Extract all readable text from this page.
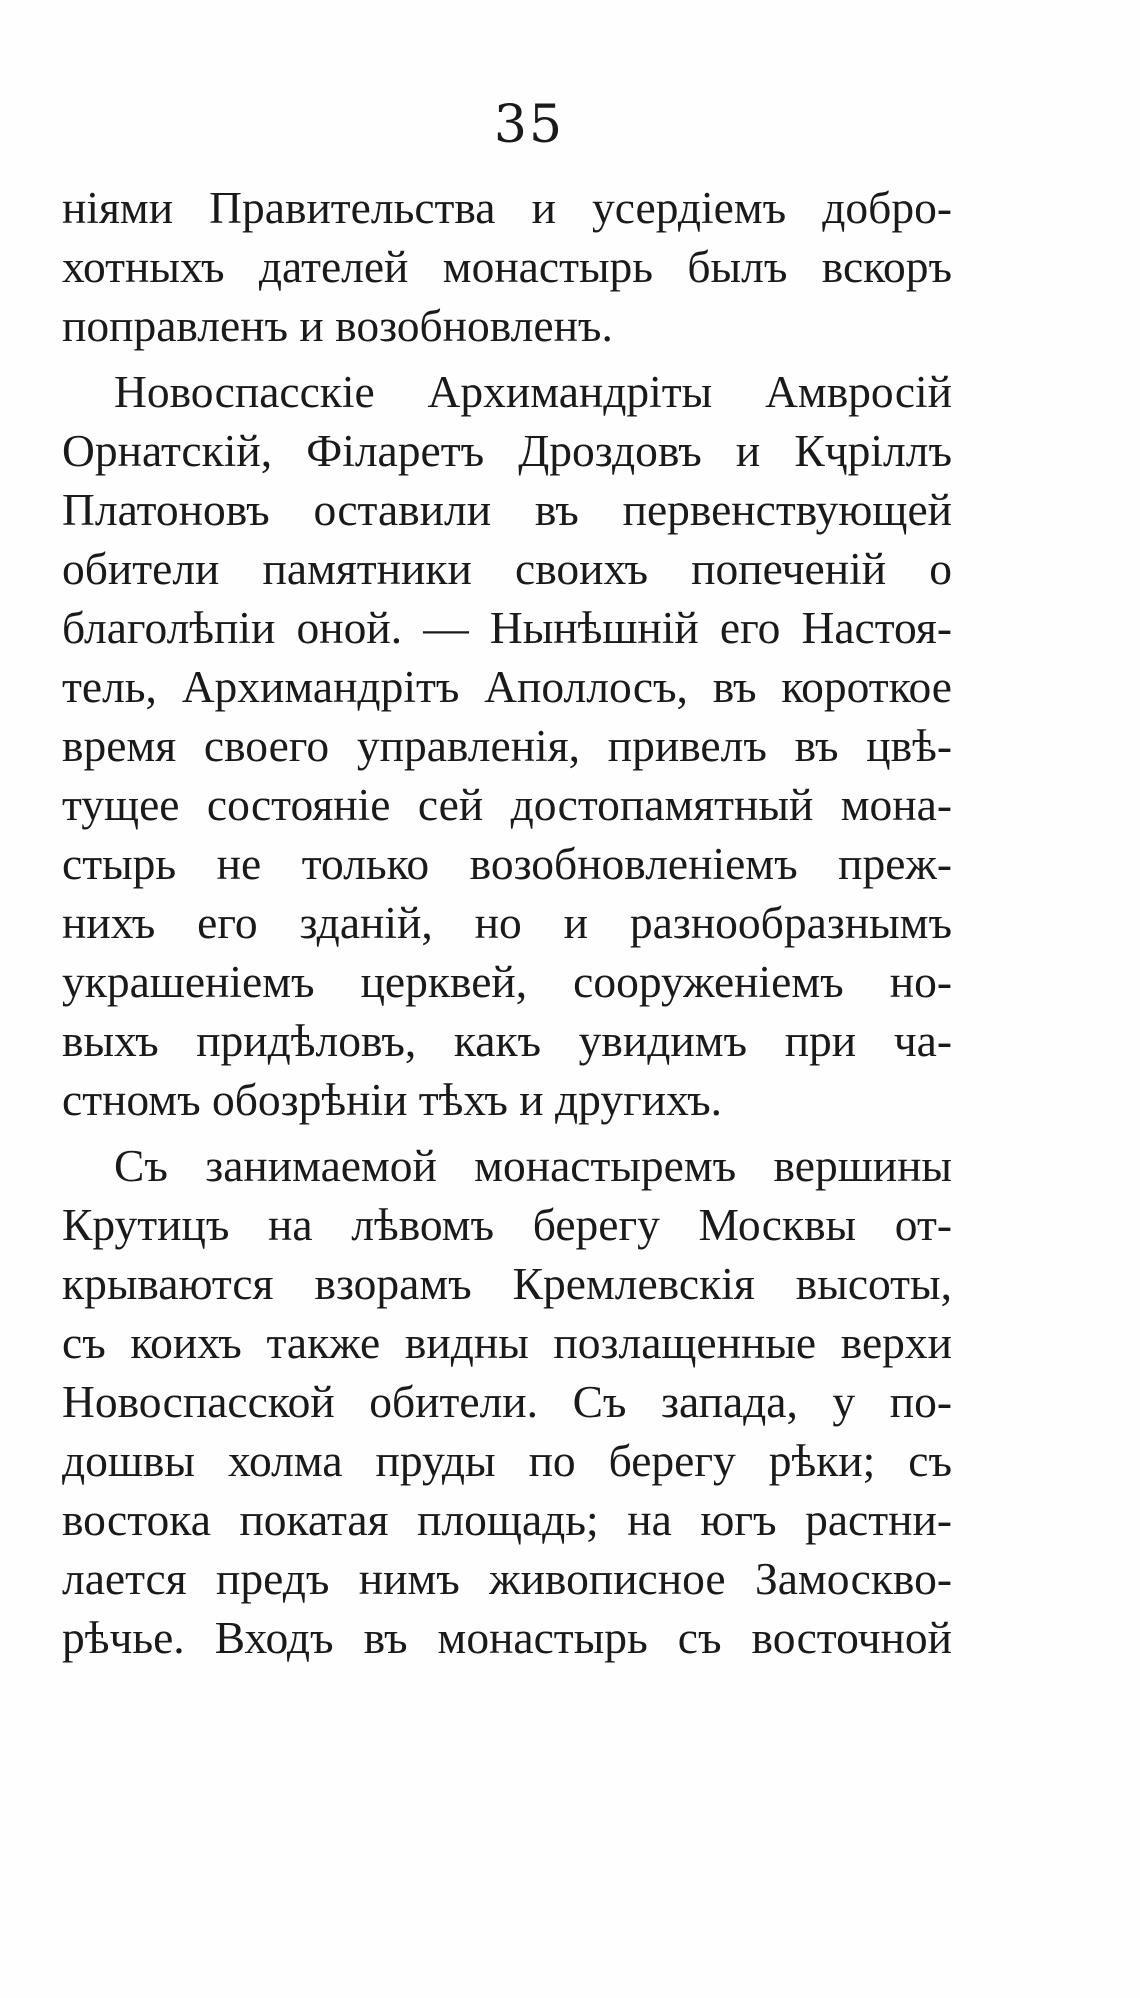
35
ніями Правительства и усердіемъ добро-
хотныхъ дателей монастырь былъ вскоръ
поправленъ и возобновленъ.
Новоспасскіе Архимандріты Амвросій
Орнатскій, Філаретъ Дроздовъ и Кҷріллъ
Платоновъ оставили въ первенствующей
обители памятники своихъ попеченій о
благолѣпіи оной. — Нынѣшній его Настоя-
тель, Архимандрітъ Аполлосъ, въ короткое
время своего управленія, привелъ въ цвѣ-
тущее состояніе сей достопамятный мона-
стырь не только возобновленіемъ преж-
нихъ его зданій, но и разнообразнымъ
украшеніемъ церквей, сооруженіемъ но-
выхъ придѣловъ, какъ увидимъ при ча-
стномъ обозрѣніи тѣхъ и другихъ.
Съ занимаемой монастыремъ вершины
Крутицъ на лѣвомъ берегу Москвы от-
крываются взорамъ Кремлевскія высоты,
съ коихъ также видны позлащенные верхи
Новоспасской обители. Съ запада, у по-
дошвы холма пруды по берегу рѣки; съ
востока покатая площадь; на югъ растни-
лается предъ нимъ живописное Замоскво-
рѣчье. Входъ въ монастырь съ восточной
